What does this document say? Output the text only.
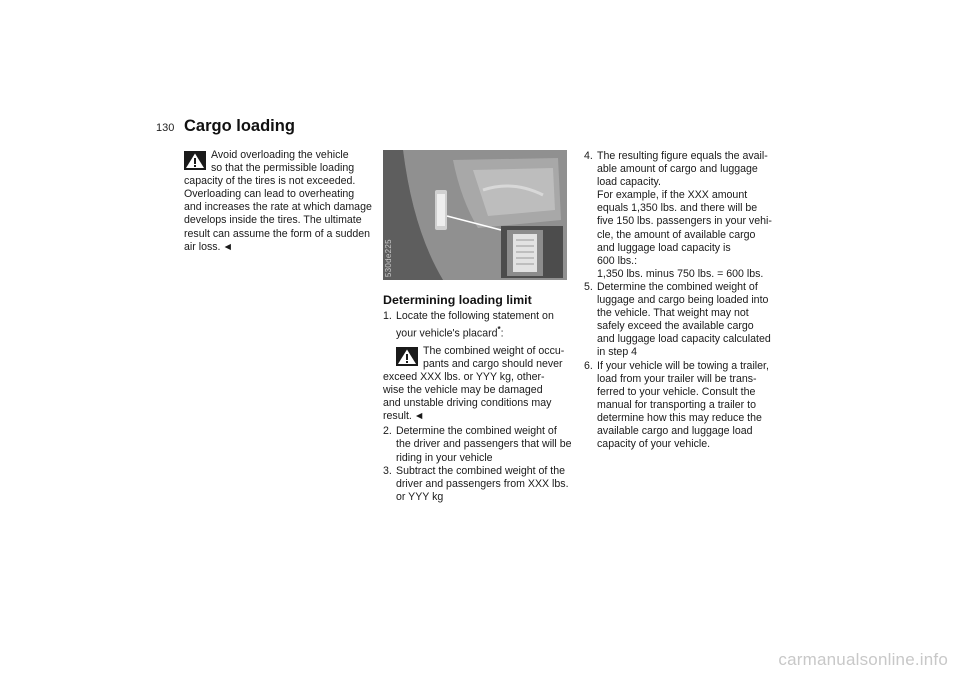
130 Cargo loading
Avoid overloading the vehicle
so that the permissible loading
capacity of the tires is not exceeded.
Overloading can lead to overheating
and increases the rate at which damage
develops inside the tires. The ultimate
result can assume the form of a sudden
air loss. ◄	530de225
Determining loading limit
1. Locate the following statement on
your vehicle's placard*:
The combined weight of occu-
pants and cargo should never
exceed XXX lbs. or YYY kg, other-
wise the vehicle may be damaged
and unstable driving conditions may
result. ◄
2. Determine the combined weight of
the driver and passengers that will be
riding in your vehicle
3. Subtract the combined weight of the
driver and passengers from XXX lbs.
or YYY kg
4. The resulting figure equals the avail-
able amount of cargo and luggage
load capacity.
For example, if the XXX amount
equals 1,350 lbs. and there will be
five 150 lbs. passengers in your vehi-
cle, the amount of available cargo
and luggage load capacity is
600 lbs.:
1,350 lbs. minus 750 lbs. = 600 lbs.
5. Determine the combined weight of
luggage and cargo being loaded into
the vehicle. That weight may not
safely exceed the available cargo
and luggage load capacity calculated
in step 4
6. If your vehicle will be towing a trailer,
load from your trailer will be trans-
ferred to your vehicle. Consult the
manual for transporting a trailer to
determine how this may reduce the
available cargo and luggage load
capacity of your vehicle.
carmanualsonline.info
